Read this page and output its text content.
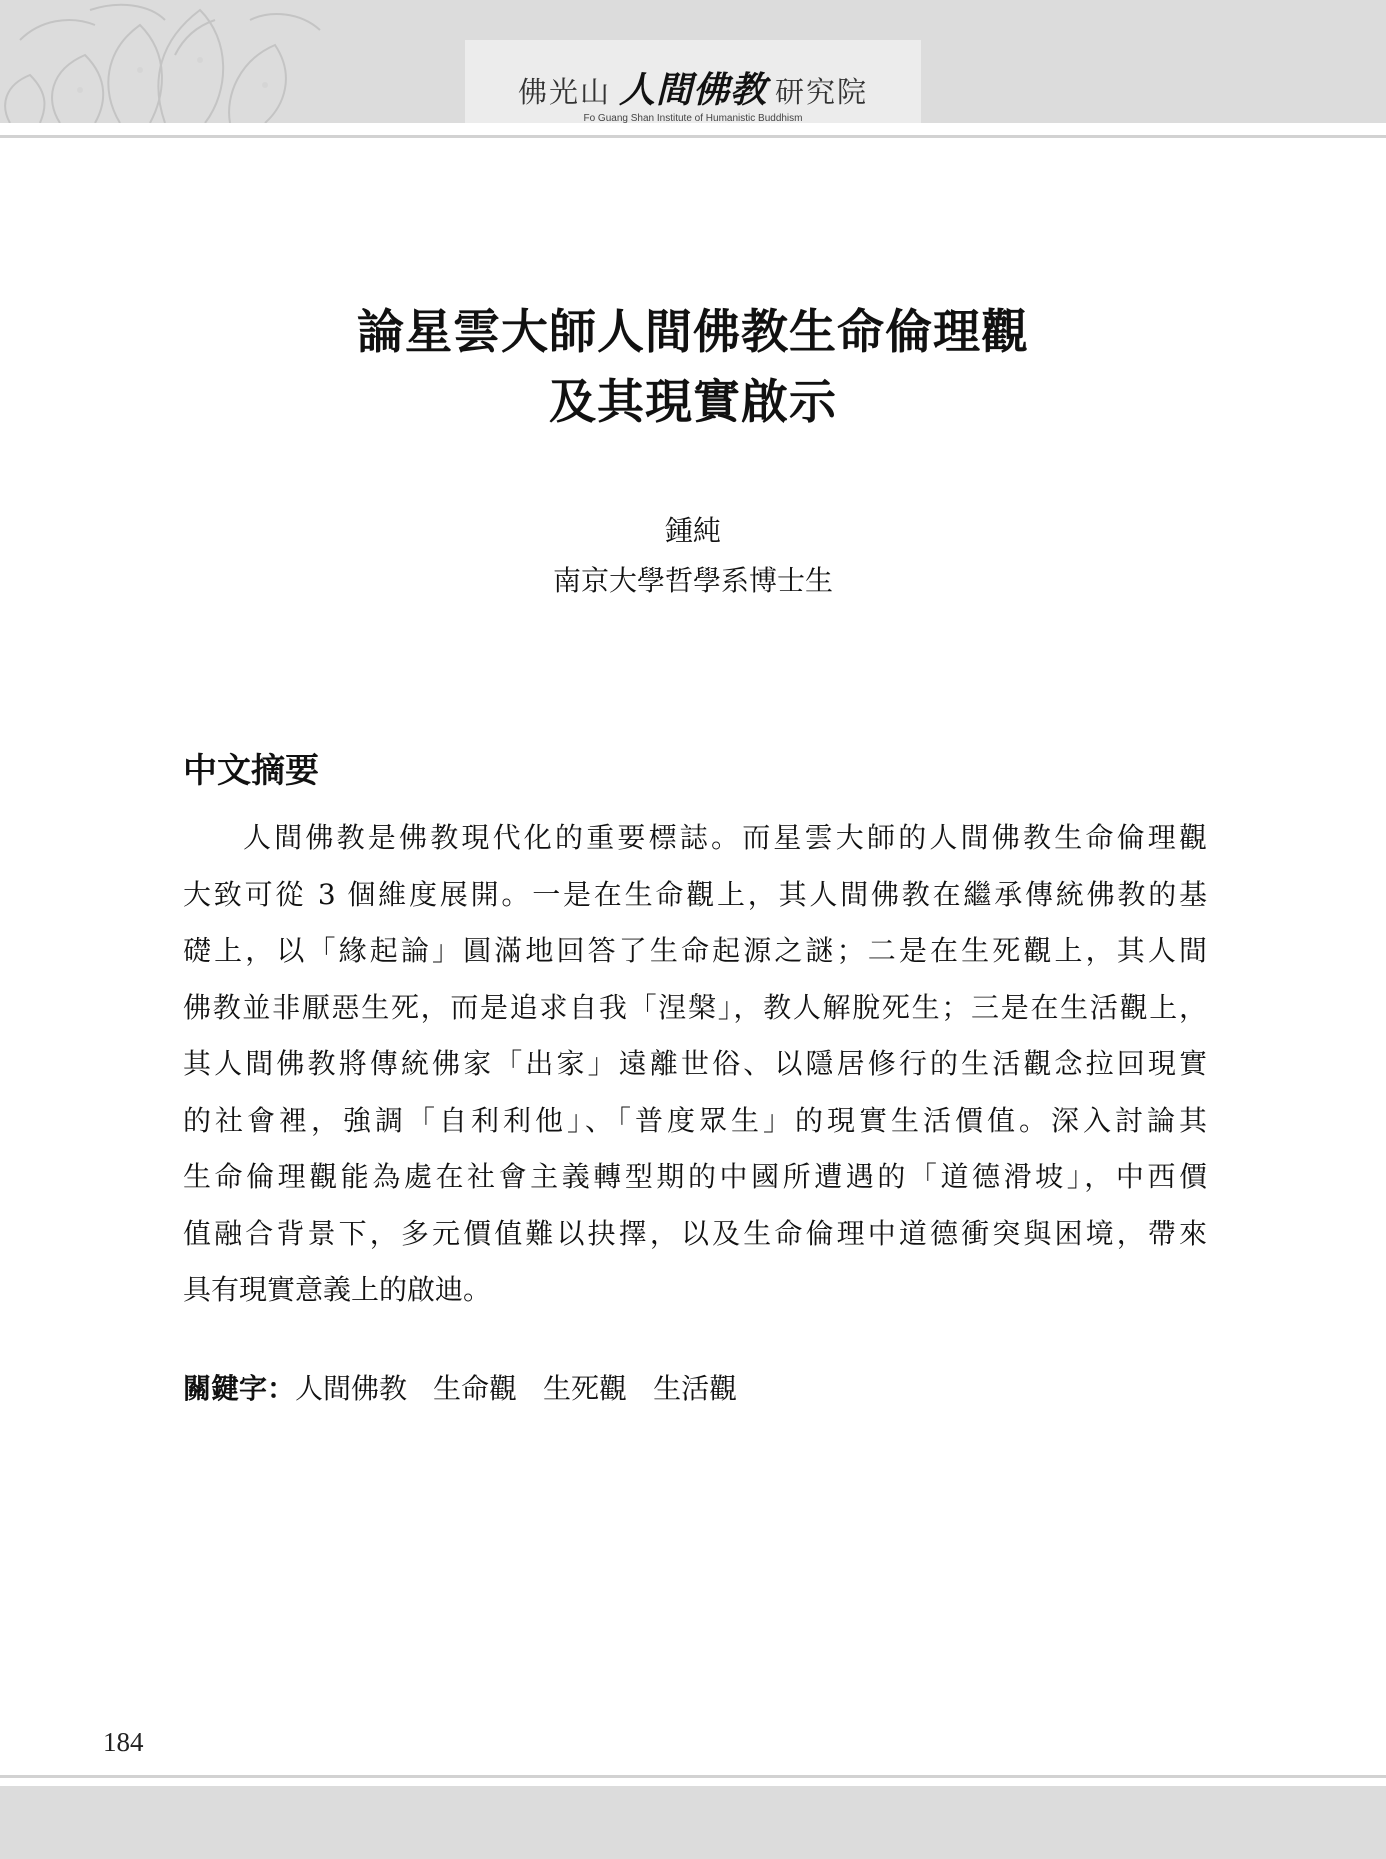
佛光山 人間佛教 研究院
Fo Guang Shan Institute of Humanistic Buddhism
論星雲大師人間佛教生命倫理觀
及其現實啟示
鍾純
南京大學哲學系博士生
中文摘要
人間佛教是佛教現代化的重要標誌。而星雲大師的人間佛教生命倫理觀
大致可從 3 個維度展開。一是在生命觀上，其人間佛教在繼承傳統佛教的基
礎上，以「緣起論」圓滿地回答了生命起源之謎；二是在生死觀上，其人間
佛教並非厭惡生死，而是追求自我「涅槃」，教人解脫死生；三是在生活觀上，
其人間佛教將傳統佛家「出家」遠離世俗、以隱居修行的生活觀念拉回現實
的社會裡，強調「自利利他」、「普度眾生」的現實生活價值。深入討論其
生命倫理觀能為處在社會主義轉型期的中國所遭遇的「道德滑坡」，中西價
值融合背景下，多元價值難以抉擇，以及生命倫理中道德衝突與困境，帶來
具有現實意義上的啟迪。
關鍵字：人間佛教 生命觀 生死觀 生活觀
184
